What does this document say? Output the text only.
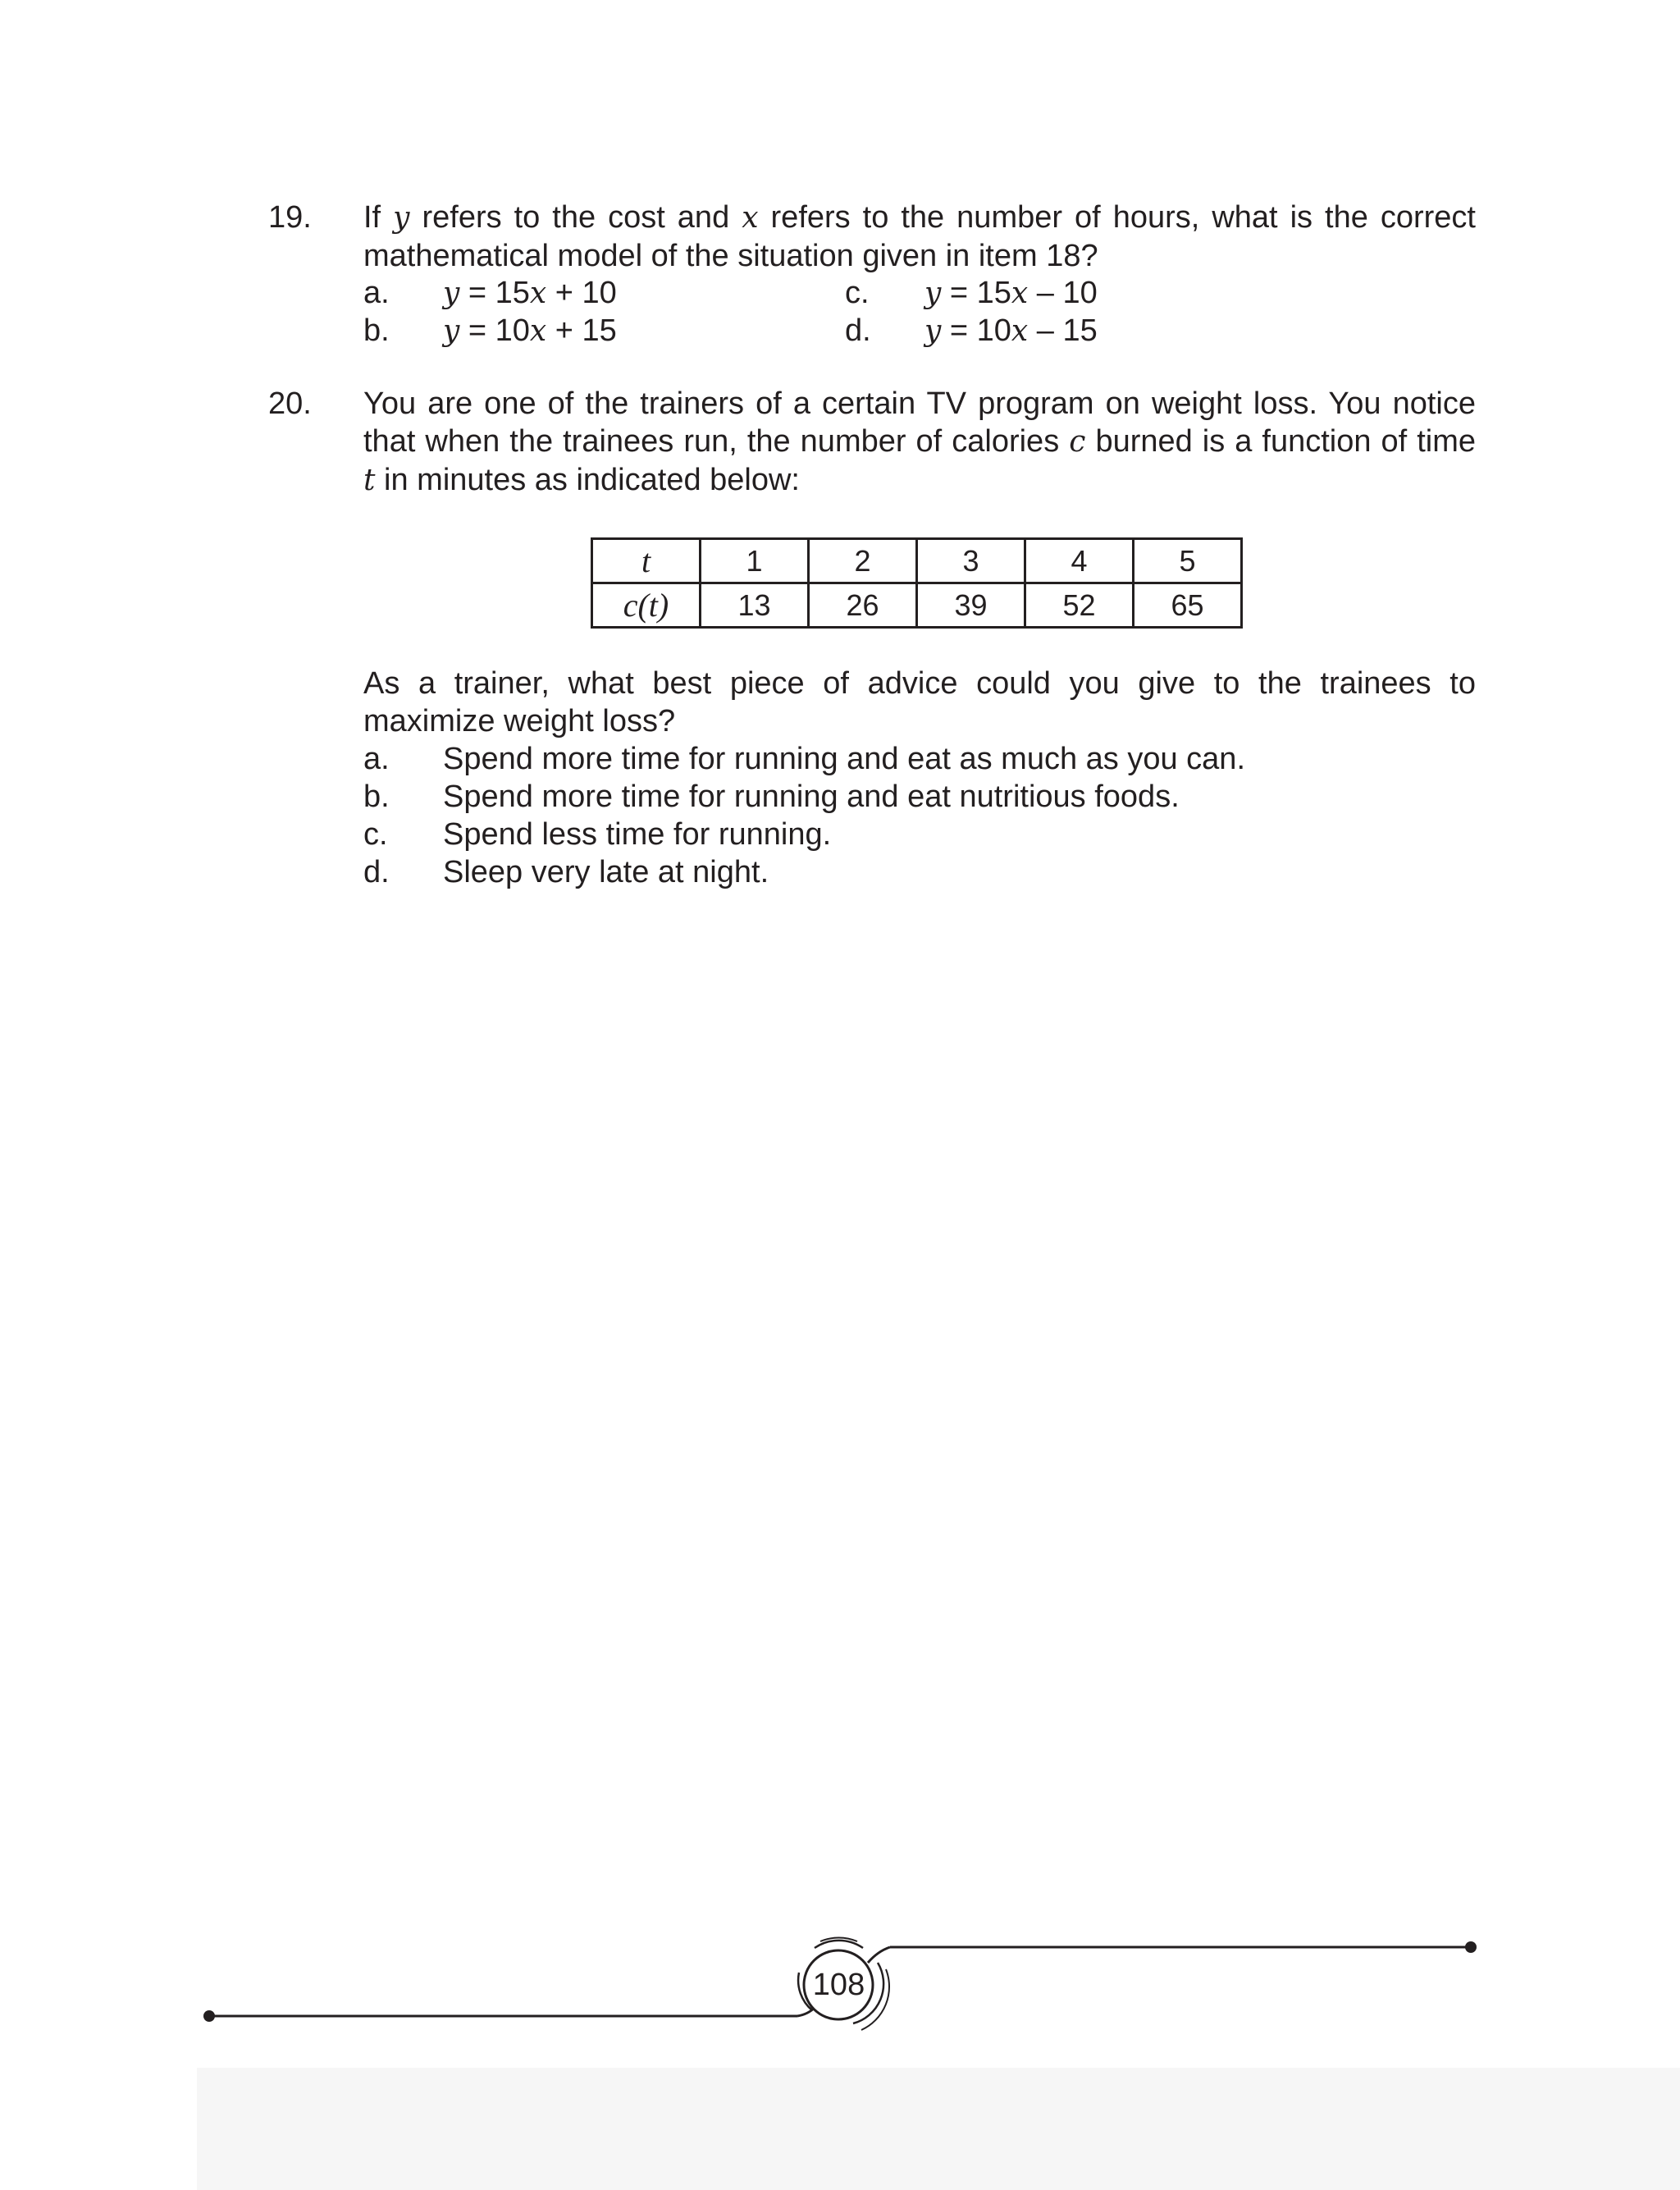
19. If y refers to the cost and x refers to the number of hours, what is the correct mathematical model of the situation given in item 18?
a. y = 15x + 10
b. y = 10x + 15
c. y = 15x – 10
d. y = 10x – 15
20. You are one of the trainers of a certain TV program on weight loss. You notice that when the trainees run, the number of calories c burned is a function of time t in minutes as indicated below:
t	1	2	3	4	5
c(t)	13	26	39	52	65
As a trainer, what best piece of advice could you give to the trainees to maximize weight loss?
a. Spend more time for running and eat as much as you can.
b. Spend more time for running and eat nutritious foods.
c. Spend less time for running.
d. Sleep very late at night.
108
